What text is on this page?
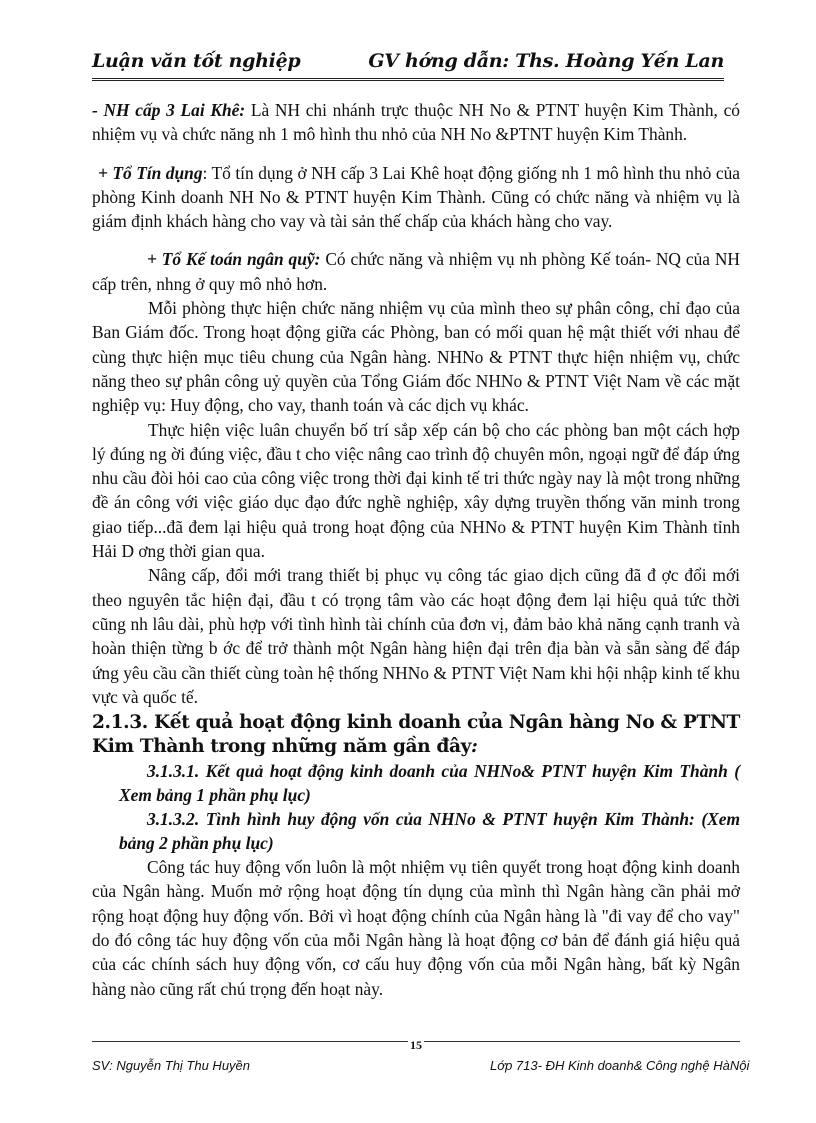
Luận văn tốt nghiệp	GV hớng dẫn: Ths. Hoàng Yến Lan

- NH cấp 3 Lai Khê: Là NH chi nhánh trực thuộc NH No & PTNT huyện Kim Thành, có nhiệm vụ và chức năng nh 1 mô hình thu nhỏ của NH No &PTNT huyện Kim Thành.

+ Tổ Tín dụng: Tổ tín dụng ở NH cấp 3 Lai Khê hoạt động giống nh 1 mô hình thu nhỏ của phòng Kinh doanh NH No & PTNT huyện Kim Thành. Cũng có chức năng và nhiệm vụ là giám định khách hàng cho vay và tài sản thế chấp của khách hàng cho vay.

+ Tổ Kế toán ngân quỹ: Có chức năng và nhiệm vụ nh phòng Kế toán- NQ của NH cấp trên, nhng ở quy mô nhỏ hơn.

Mỗi phòng thực hiện chức năng nhiệm vụ của mình theo sự phân công, chỉ đạo của Ban Giám đốc. Trong hoạt động giữa các Phòng, ban có mối quan hệ mật thiết với nhau để cùng thực hiện mục tiêu chung của Ngân hàng. NHNo & PTNT thực hiện nhiệm vụ, chức năng theo sự phân công uỷ quyền của Tổng Giám đốc NHNo & PTNT Việt Nam về các mặt nghiệp vụ: Huy động, cho vay, thanh toán và các dịch vụ khác.

Thực hiện việc luân chuyển bố trí sắp xếp cán bộ cho các phòng ban một cách hợp lý đúng ng ời đúng việc, đầu t cho việc nâng cao trình độ chuyên môn, ngoại ngữ để đáp ứng nhu cầu đòi hỏi cao của công việc trong thời đại kinh tế tri thức ngày nay là một trong những đề án công với việc giáo dục đạo đức nghề nghiệp, xây dựng truyền thống văn minh trong giao tiếp...đã đem lại hiệu quả trong hoạt động của NHNo & PTNT huyện Kim Thành tỉnh Hải D ơng thời gian qua.

Nâng cấp, đổi mới trang thiết bị phục vụ công tác giao dịch cũng đã đ ợc đổi mới theo nguyên tắc hiện đại, đầu t có trọng tâm vào các hoạt động đem lại hiệu quả tức thời cũng nh lâu dài, phù hợp với tình hình tài chính của đơn vị, đảm bảo khả năng cạnh tranh và hoàn thiện từng b ớc để trở thành một Ngân hàng hiện đại trên địa bàn và sẵn sàng để đáp ứng yêu cầu cần thiết cùng toàn hệ thống NHNo & PTNT Việt Nam khi hội nhập kinh tế khu vực và quốc tế.

2.1.3. Kết quả hoạt động kinh doanh của Ngân hàng No & PTNT Kim Thành trong những năm gần đây:

3.1.3.1. Kết quả hoạt động kinh doanh của NHNo& PTNT huyện Kim Thành ( Xem bảng 1 phần phụ lục)

3.1.3.2. Tình hình huy động vốn của NHNo & PTNT huyện Kim Thành: (Xem bảng 2 phần phụ lục)

Công tác huy động vốn luôn là một nhiệm vụ tiên quyết trong hoạt động kinh doanh của Ngân hàng. Muốn mở rộng hoạt động tín dụng của mình thì Ngân hàng cần phải mở rộng hoạt động huy động vốn. Bởi vì hoạt động chính của Ngân hàng là "đi vay để cho vay" do đó công tác huy động vốn của mỗi Ngân hàng là hoạt động cơ bản để đánh giá hiệu quả của các chính sách huy động vốn, cơ cấu huy động vốn của mỗi Ngân hàng, bất kỳ Ngân hàng nào cũng rất chú trọng đến hoạt này.

15
SV: Nguyễn Thị Thu Huyền	Lớp 713- ĐH Kinh doanh& Công nghệ HàNội
